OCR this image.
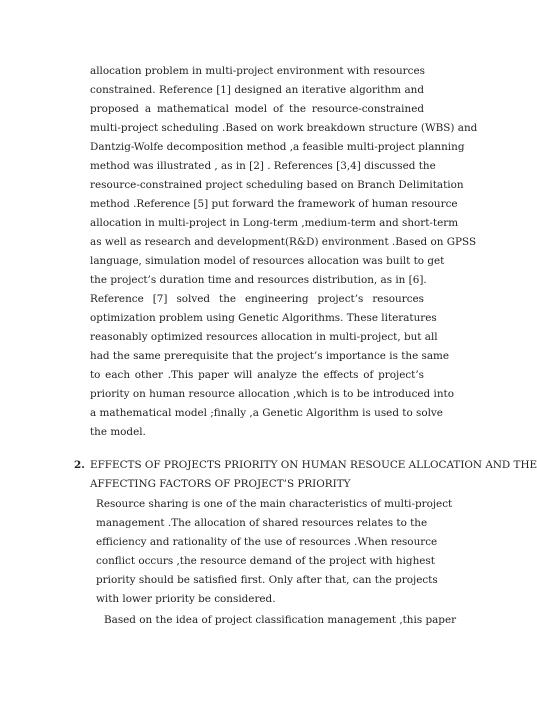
allocation problem in multi-project environment with resources
constrained. Reference [1] designed an iterative algorithm and
proposed a mathematical model of the resource-constrained
multi-project scheduling .Based on work breakdown structure (WBS) and
Dantzig-Wolfe decomposition method ,a feasible multi-project planning
method was illustrated , as in [2] . References [3,4] discussed the
resource-constrained project scheduling based on Branch Delimitation
method .Reference [5] put forward the framework of human resource
allocation in multi-project in Long-term ,medium-term and short-term
as well as research and development(R&D) environment .Based on GPSS
language, simulation model of resources allocation was built to get
the project’s duration time and resources distribution, as in [6].
Reference [7] solved the engineering project’s resources
optimization problem using Genetic Algorithms. These literatures
reasonably optimized resources allocation in multi-project, but all
had the same prerequisite that the project’s importance is the same
to each other .This paper will analyze the effects of project’s
priority on human resource allocation ,which is to be introduced into
a mathematical model ;finally ,a Genetic Algorithm is used to solve
the model.
2. EFFECTS OF PROJECTS PRIORITY ON HUMAN RESOUCE ALLOCATION AND THE
AFFECTING FACTORS OF PROJECT’S PRIORITY
Resource sharing is one of the main characteristics of multi-project
management .The allocation of shared resources relates to the
efficiency and rationality of the use of resources .When resource
conflict occurs ,the resource demand of the project with highest
priority should be satisfied first. Only after that, can the projects
with lower priority be considered.
Based on the idea of project classification management ,this paper
